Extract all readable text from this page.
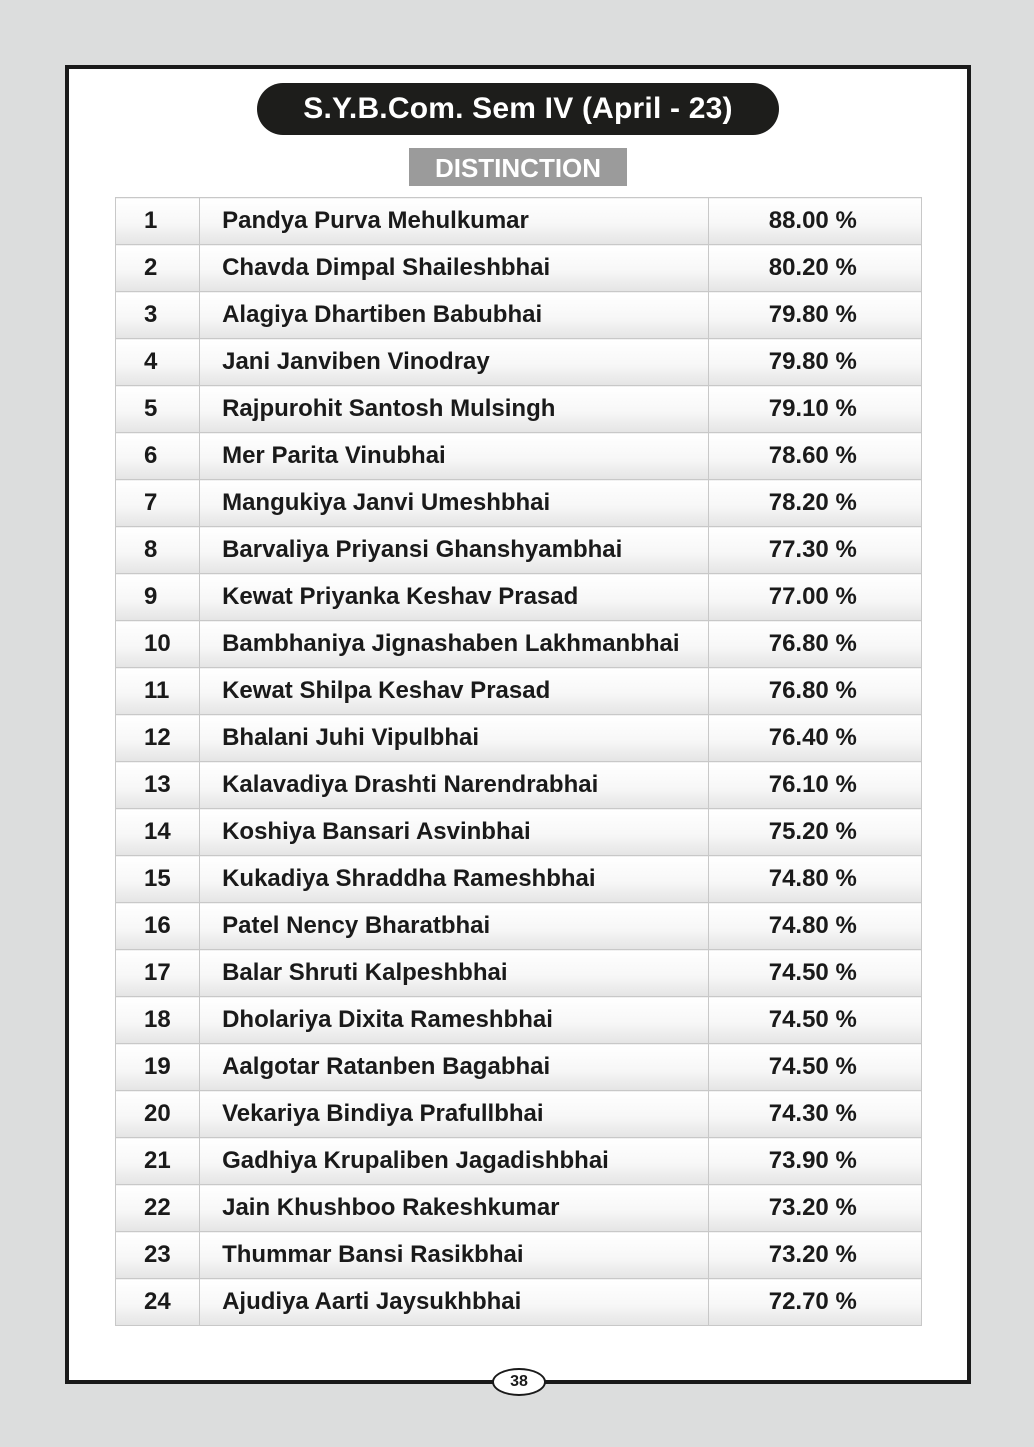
S.Y.B.Com. Sem IV (April - 23)
DISTINCTION
1	Pandya Purva Mehulkumar	88.00 %
2	Chavda Dimpal Shaileshbhai	80.20 %
3	Alagiya Dhartiben Babubhai	79.80 %
4	Jani Janviben Vinodray	79.80 %
5	Rajpurohit Santosh Mulsingh	79.10 %
6	Mer Parita Vinubhai	78.60 %
7	Mangukiya Janvi Umeshbhai	78.20 %
8	Barvaliya Priyansi Ghanshyambhai	77.30 %
9	Kewat Priyanka Keshav Prasad	77.00 %
10	Bambhaniya Jignashaben Lakhmanbhai	76.80 %
11	Kewat Shilpa Keshav Prasad	76.80 %
12	Bhalani Juhi Vipulbhai	76.40 %
13	Kalavadiya Drashti Narendrabhai	76.10 %
14	Koshiya Bansari Asvinbhai	75.20 %
15	Kukadiya Shraddha Rameshbhai	74.80 %
16	Patel Nency Bharatbhai	74.80 %
17	Balar Shruti Kalpeshbhai	74.50 %
18	Dholariya Dixita Rameshbhai	74.50 %
19	Aalgotar Ratanben Bagabhai	74.50 %
20	Vekariya Bindiya Prafullbhai	74.30 %
21	Gadhiya Krupaliben Jagadishbhai	73.90 %
22	Jain Khushboo Rakeshkumar	73.20 %
23	Thummar Bansi Rasikbhai	73.20 %
24	Ajudiya Aarti Jaysukhbhai	72.70 %
38
